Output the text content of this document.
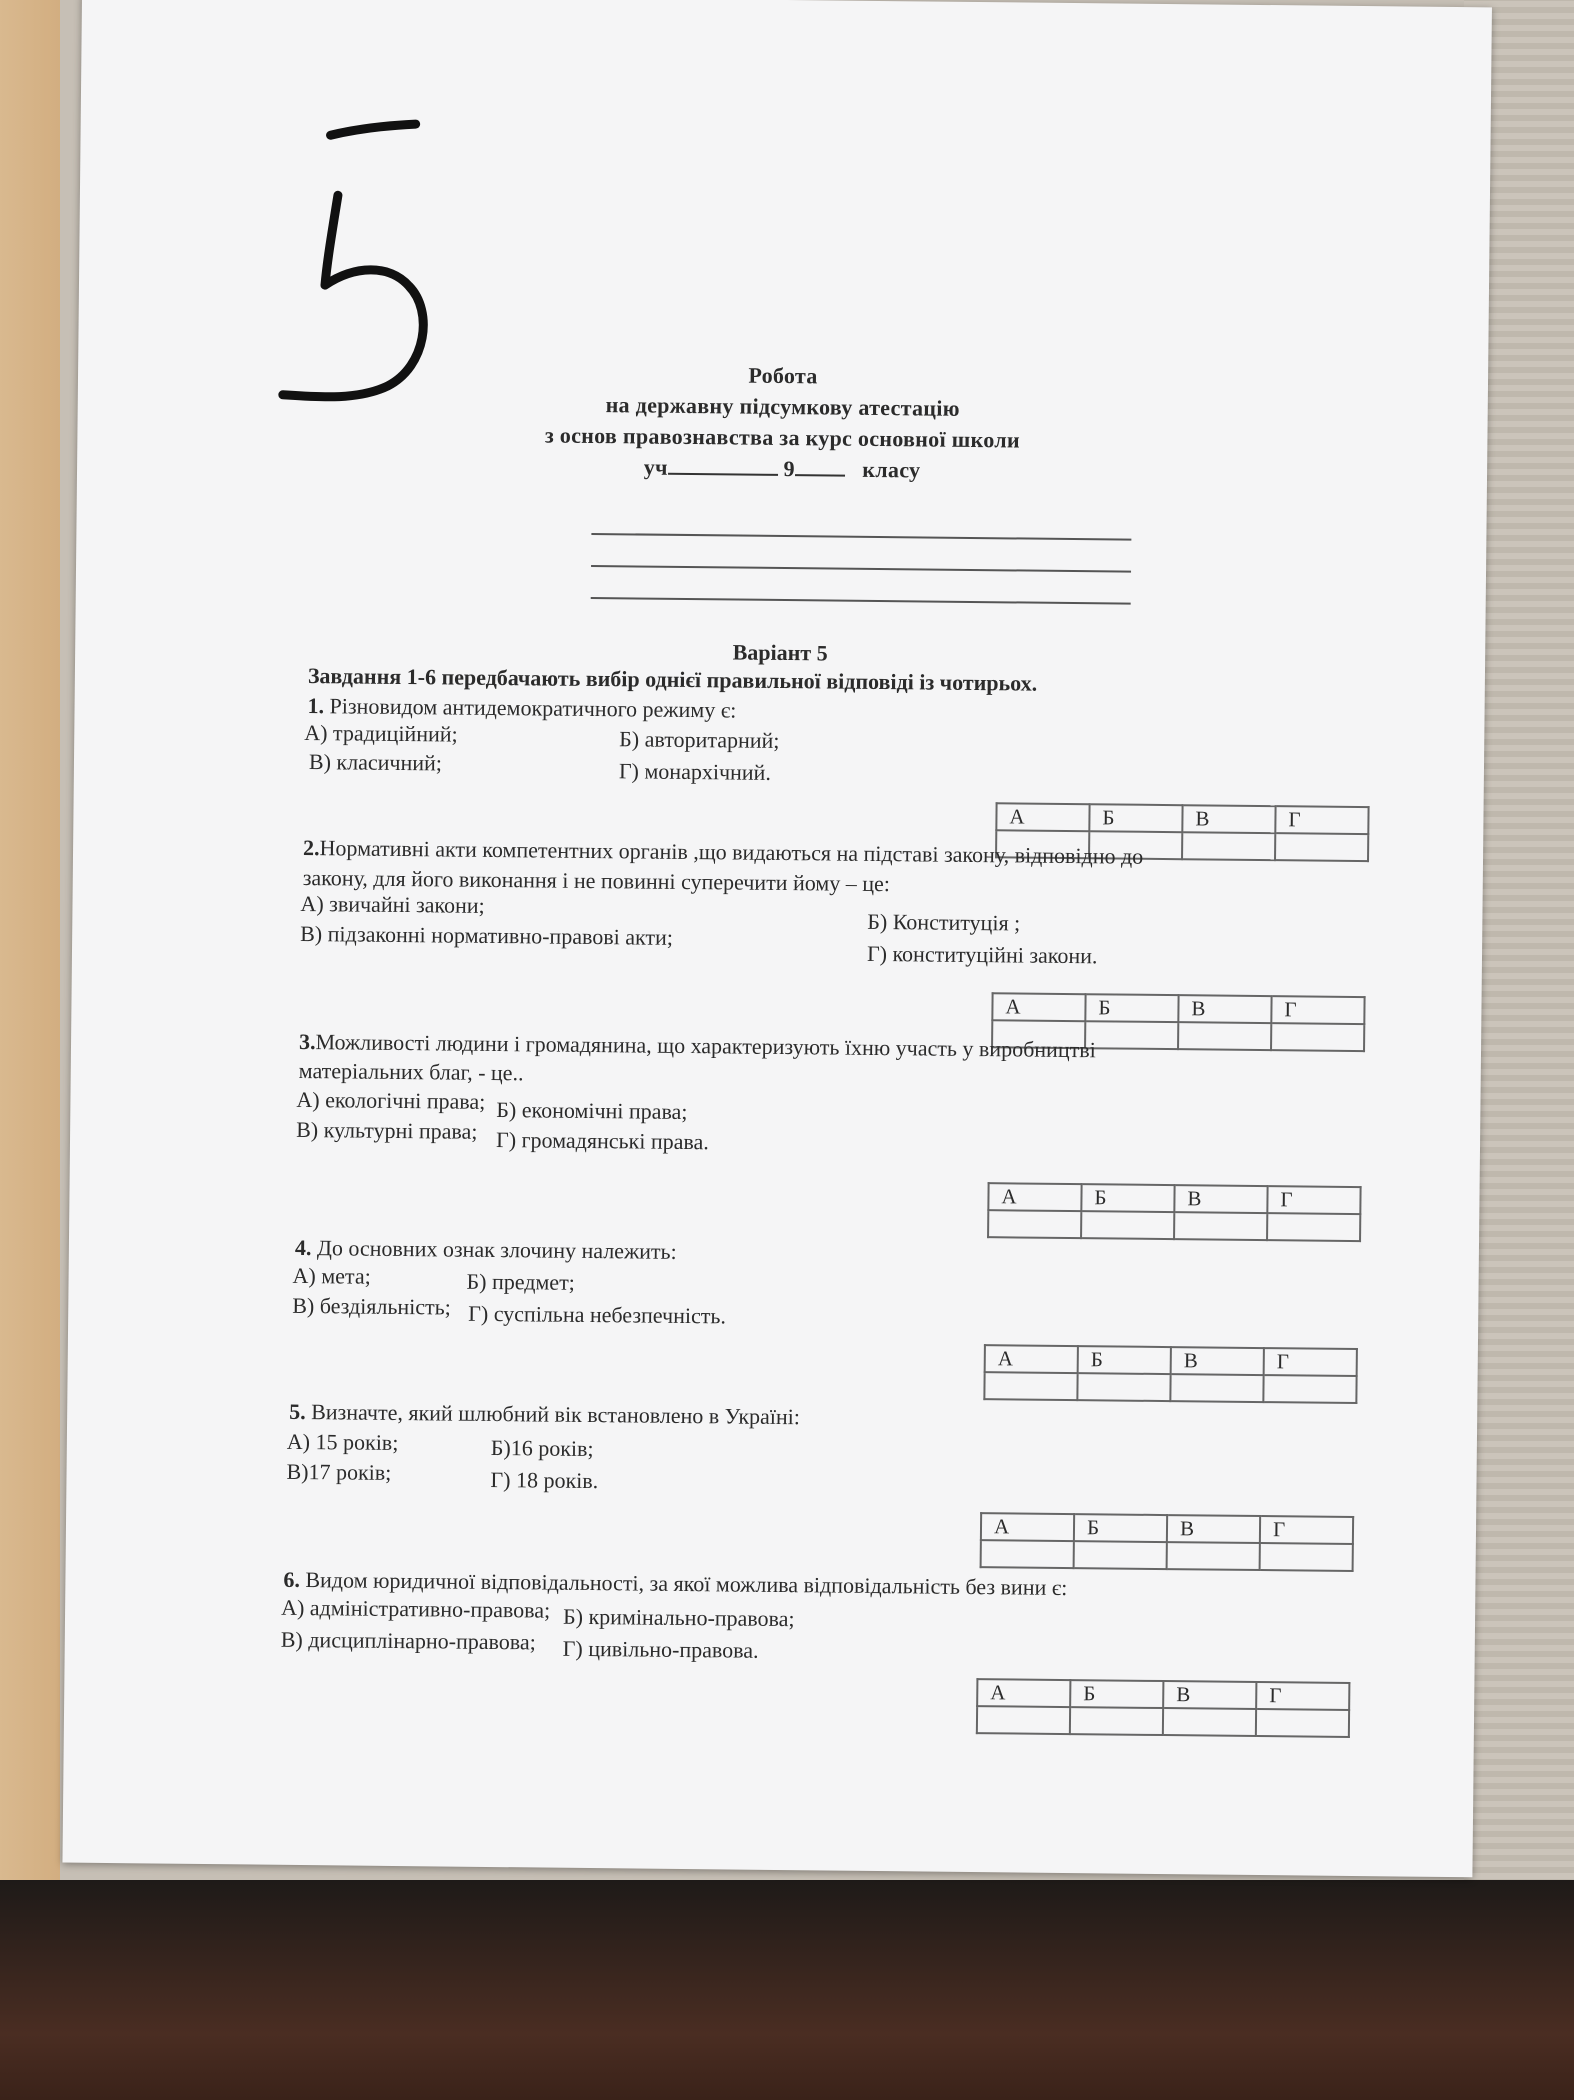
Робота
на державну підсумкову атестацію
з основ правознавства за курс основної школи
уч	9	класу
Варіант 5
Завдання 1-6 передбачають вибір однієї правильної відповіді із чотирьох.
1. Різновидом антидемократичного режиму є:
А) традиційний;	Б) авторитарний;
В) класичний;	Г) монархічний.
А	Б	В	Г

2.Нормативні акти компетентних органів ,що видаються на підставі закону, відповідно до
закону, для його виконання і не повинні суперечити йому – це:
А) звичайні закони;
Б) Конституція ;
В) підзаконні нормативно-правові акти;
Г) конституційні закони.
А	Б	В	Г

3.Можливості людини і громадянина, що характеризують їхню участь у виробництві
матеріальних благ, - це..
А) екологічні права; Б) економічні права;
В) культурні права; Г) громадянські права.
А	Б	В	Г

4. До основних ознак злочину належить:
А) мета;	Б) предмет;
В) бездіяльність; Г) суспільна небезпечність.
А	Б	В	Г

5. Визначте, який шлюбний вік встановлено в Україні:
А) 15 років;	Б)16 років;
В)17 років;	Г) 18 років.
А	Б	В	Г

6. Видом юридичної відповідальності, за якої можлива відповідальність без вини є:
А) адміністративно-правова; Б) кримінально-правова;
В) дисциплінарно-правова; Г) цивільно-правова.
А	Б	В	Г
